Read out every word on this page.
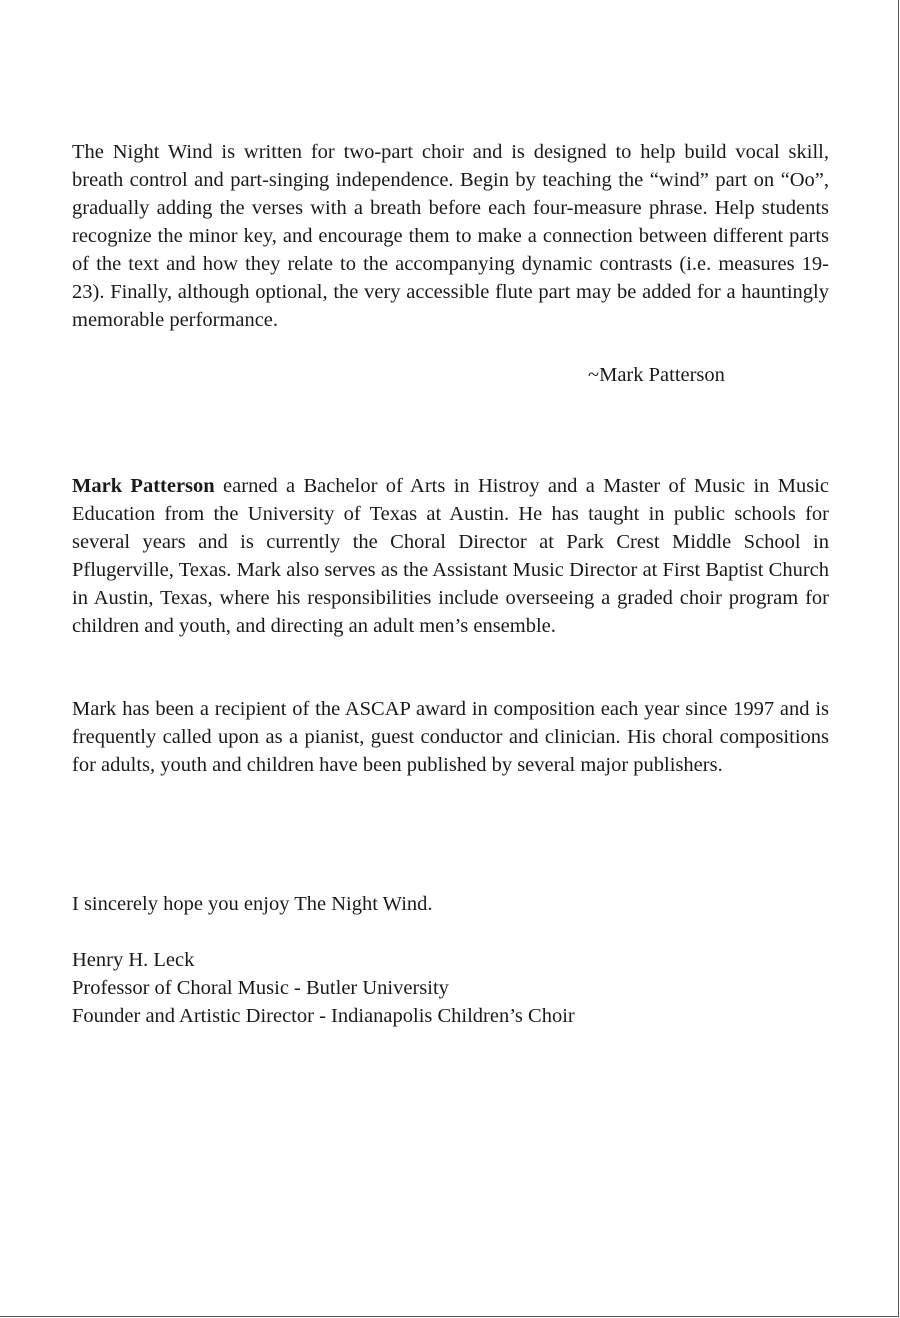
The Night Wind is written for two-part choir and is designed to help build vocal skill, breath control and part-singing independence. Begin by teaching the “wind” part on “Oo”, gradually adding the verses with a breath before each four-measure phrase. Help students recognize the minor key, and encourage them to make a connection between different parts of the text and how they relate to the accompanying dynamic contrasts (i.e. measures 19-23). Finally, although optional, the very accessible flute part may be added for a hauntingly memorable performance.

~Mark Patterson

Mark Patterson earned a Bachelor of Arts in Histroy and a Master of Music in Music Education from the University of Texas at Austin. He has taught in public schools for several years and is currently the Choral Director at Park Crest Middle School in Pflugerville, Texas. Mark also serves as the Assistant Music Director at First Baptist Church in Austin, Texas, where his responsibilities include overseeing a graded choir program for children and youth, and directing an adult men’s ensemble.

Mark has been a recipient of the ASCAP award in composition each year since 1997 and is frequently called upon as a pianist, guest conductor and clinician. His choral compositions for adults, youth and children have been published by several major publishers.

I sincerely hope you enjoy The Night Wind.

Henry H. Leck
Professor of Choral Music - Butler University
Founder and Artistic Director - Indianapolis Children’s Choir
